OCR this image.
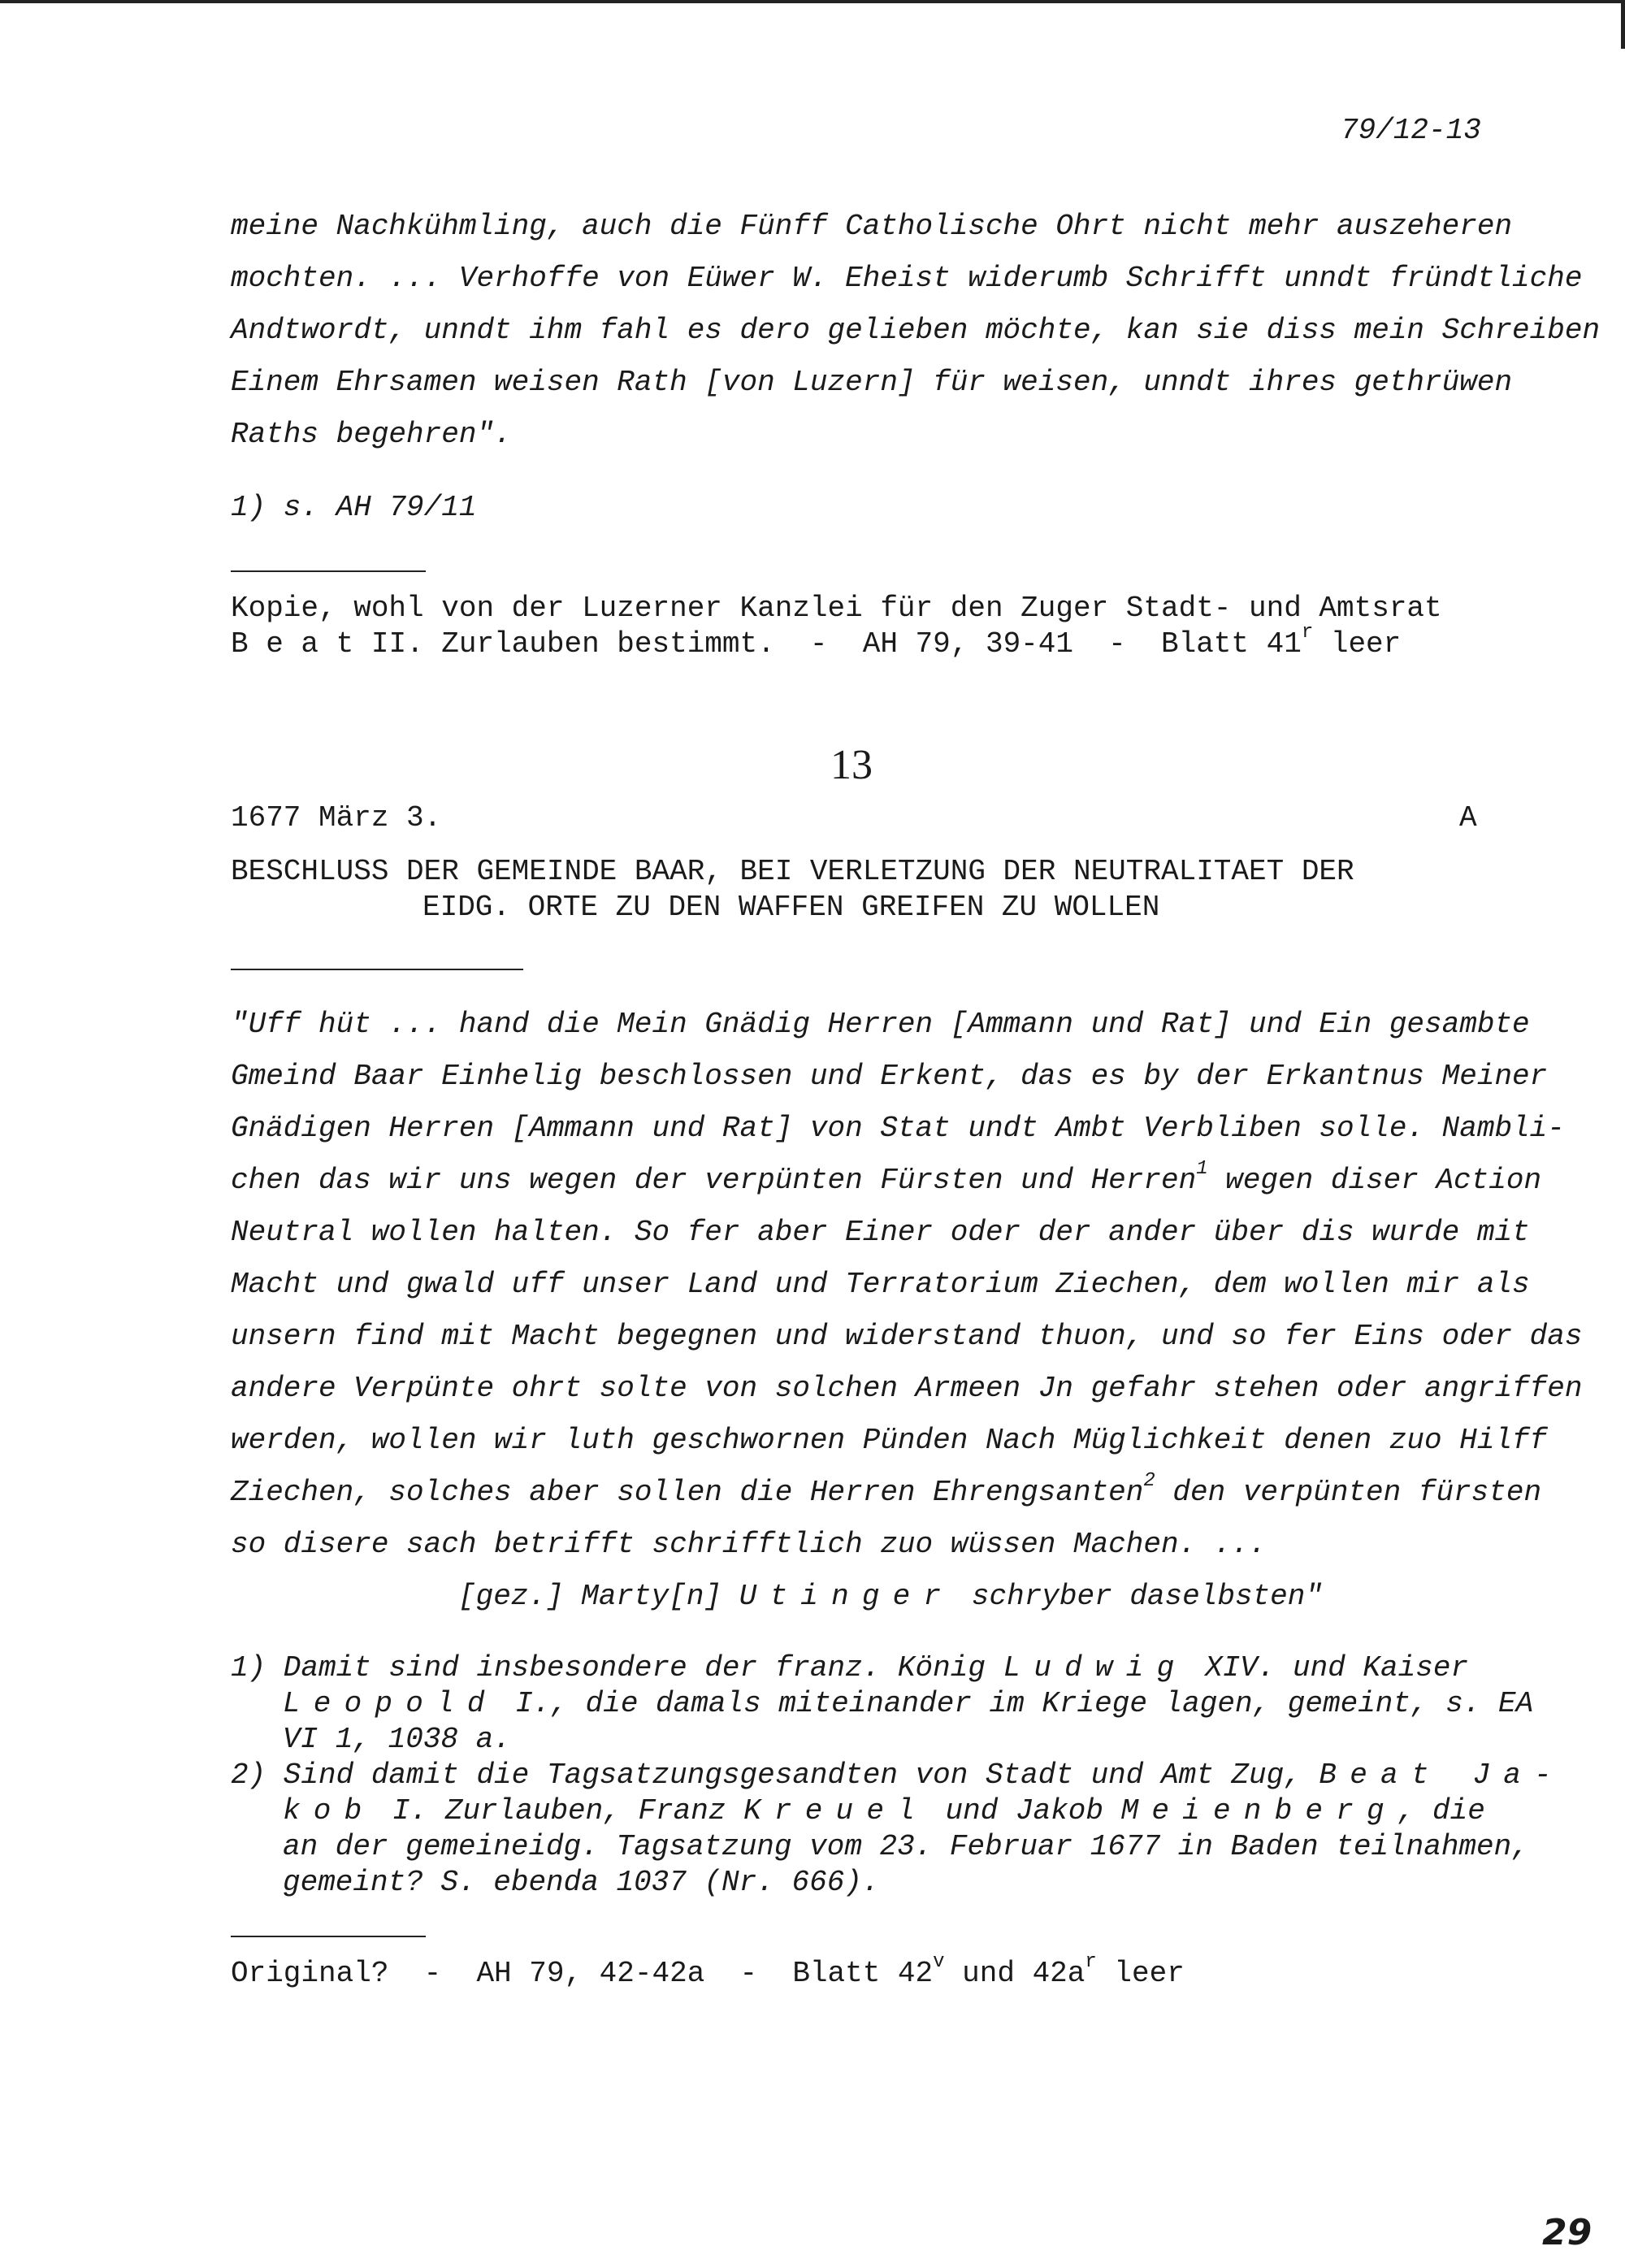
79/12-13
meine Nachkühmling, auch die Fünff Catholische Ohrt nicht mehr auszeheren
mochten. ... Verhoffe von Eüwer W. Eheist widerumb Schrifft unndt fründtliche
Andtwordt, unndt ihm fahl es dero gelieben möchte, kan sie diss mein Schreiben
Einem Ehrsamen weisen Rath [von Luzern] für weisen, unndt ihres gethrüwen
Raths begehren".
1) s. AH 79/11
Kopie, wohl von der Luzerner Kanzlei für den Zuger Stadt- und Amtsrat
B e a t II. Zurlauben bestimmt.  -  AH 79, 39-41  -  Blatt 41$^r$ leer
13
1677 März 3.	A
BESCHLUSS DER GEMEINDE BAAR, BEI VERLETZUNG DER NEUTRALITAET DER
EIDG. ORTE ZU DEN WAFFEN GREIFEN ZU WOLLEN
"Uff hüt ... hand die Mein Gnädig Herren [Ammann und Rat] und Ein gesambte
Gmeind Baar Einhelig beschlossen und Erkent, das es by der Erkantnus Meiner
Gnädigen Herren [Ammann und Rat] von Stat undt Ambt Verbliben solle. Nambli-
chen das wir uns wegen der verpünten Fürsten und Herren$^1$ wegen diser Action
Neutral wollen halten. So fer aber Einer oder der ander über dis wurde mit
Macht und gwald uff unser Land und Terratorium Ziechen, dem wollen mir als
unsern find mit Macht begegnen und widerstand thuon, und so fer Eins oder das
andere Verpünte ohrt solte von solchen Armeen Jn gefahr stehen oder angriffen
werden, wollen wir luth geschwornen Pünden Nach Müglichkeit denen zuo Hilff
Ziechen, solches aber sollen die Herren Ehrengsanten$^2$ den verpünten fürsten
so disere sach betrifft schrifftlich zuo wüssen Machen. ...
[gez.] Marty[n] Utinger schryber daselbsten"
1) Damit sind insbesondere der franz. König Ludwig XIV. und Kaiser
Leopold I., die damals miteinander im Kriege lagen, gemeint, s. EA
VI 1, 1038 a.
2) Sind damit die Tagsatzungsgesandten von Stadt und Amt Zug, Beat Ja-
kob I. Zurlauben, Franz Kreuel und Jakob Meienberg, die
an der gemeineidg. Tagsatzung vom 23. Februar 1677 in Baden teilnahmen,
gemeint? S. ebenda 1037 (Nr. 666).
Original?  -  AH 79, 42-42a  -  Blatt 42$^v$ und $42a^r$ leer
29
